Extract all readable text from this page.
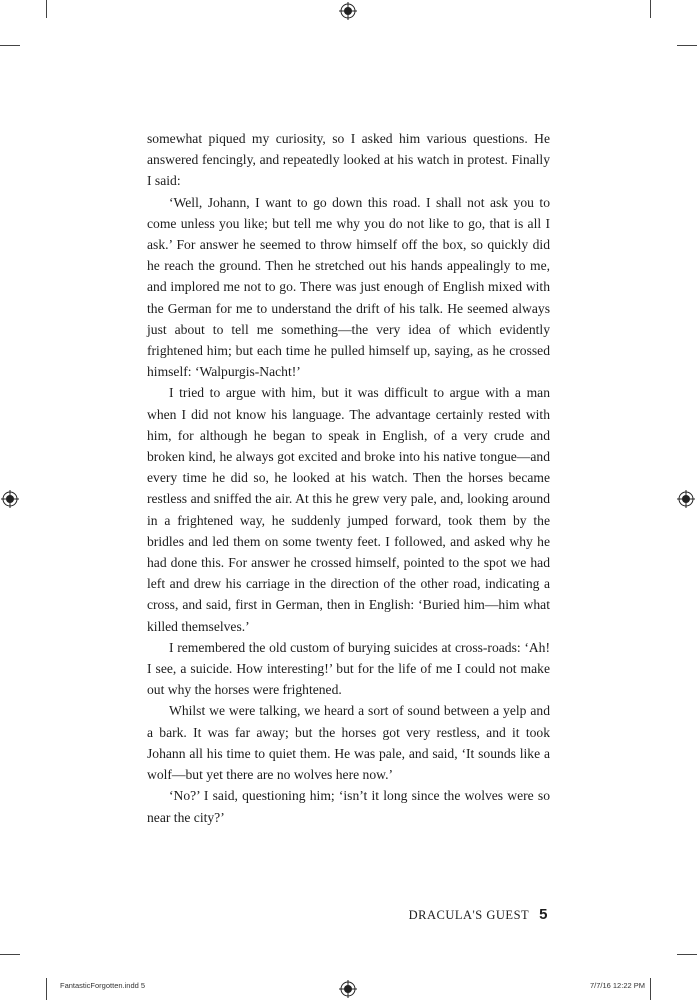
somewhat piqued my curiosity, so I asked him various questions. He answered fencingly, and repeatedly looked at his watch in protest. Finally I said:

‘Well, Johann, I want to go down this road. I shall not ask you to come unless you like; but tell me why you do not like to go, that is all I ask.’ For answer he seemed to throw himself off the box, so quickly did he reach the ground. Then he stretched out his hands appealingly to me, and implored me not to go. There was just enough of English mixed with the German for me to understand the drift of his talk. He seemed always just about to tell me something—the very idea of which evidently frightened him; but each time he pulled himself up, saying, as he crossed himself: ‘Walpurgis-Nacht!’

I tried to argue with him, but it was difficult to argue with a man when I did not know his language. The advantage certainly rested with him, for although he began to speak in English, of a very crude and broken kind, he always got excited and broke into his native tongue—and every time he did so, he looked at his watch. Then the horses became restless and sniffed the air. At this he grew very pale, and, looking around in a frightened way, he suddenly jumped forward, took them by the bridles and led them on some twenty feet. I followed, and asked why he had done this. For answer he crossed himself, pointed to the spot we had left and drew his carriage in the direction of the other road, indicating a cross, and said, first in German, then in English: ‘Buried him—him what killed themselves.’

I remembered the old custom of burying suicides at cross-roads: ‘Ah! I see, a suicide. How interesting!’ but for the life of me I could not make out why the horses were frightened.

Whilst we were talking, we heard a sort of sound between a yelp and a bark. It was far away; but the horses got very restless, and it took Johann all his time to quiet them. He was pale, and said, ‘It sounds like a wolf—but yet there are no wolves here now.’

‘No?’ I said, questioning him; ‘isn’t it long since the wolves were so near the city?’

DRACULA'S GUEST 5
FantasticForgotten.indd 5	7/7/16 12:22 PM
